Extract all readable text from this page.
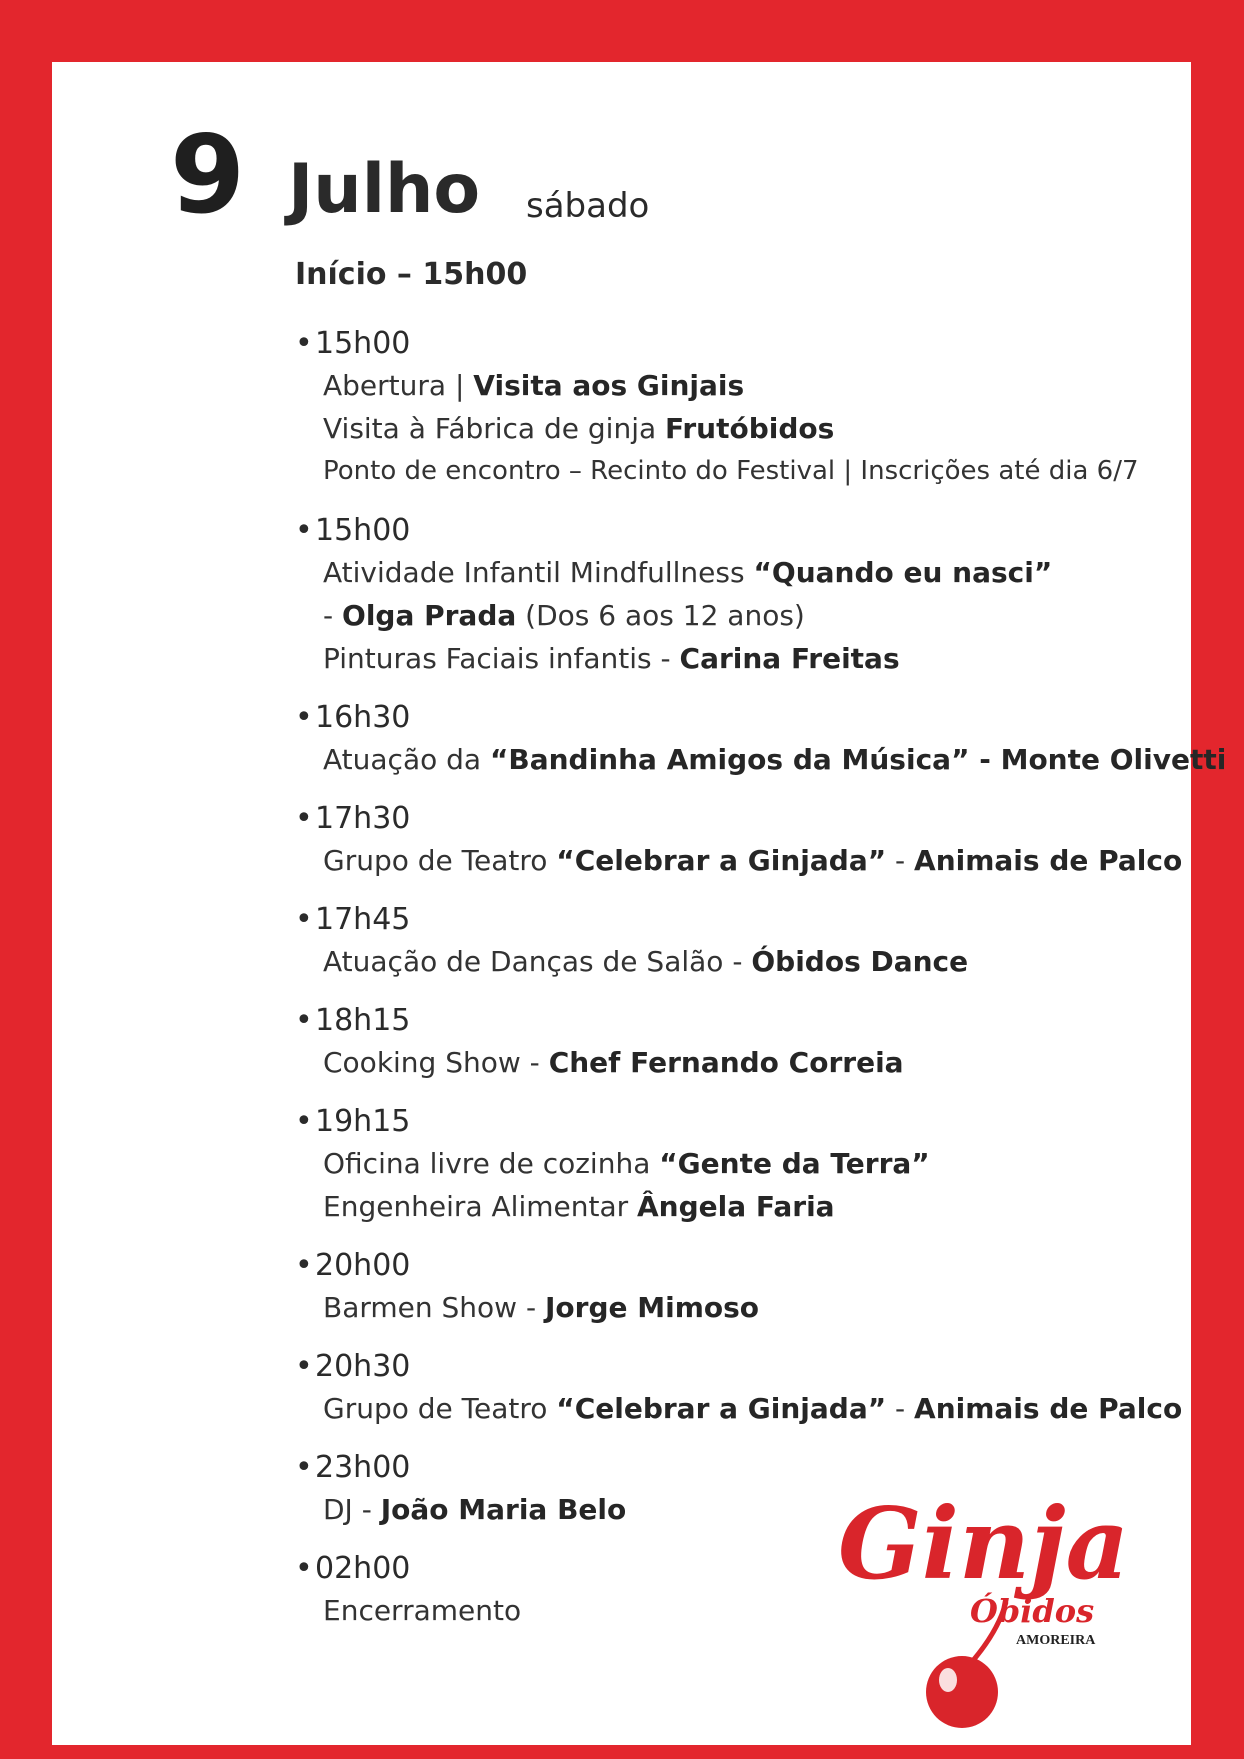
9 Julho sábado
Início – 15h00
•15h00
Abertura | Visita aos Ginjais
Visita à Fábrica de ginja Frutóbidos
Ponto de encontro – Recinto do Festival | Inscrições até dia 6/7
•15h00
Atividade Infantil Mindfullness “Quando eu nasci”
- Olga Prada (Dos 6 aos 12 anos)
Pinturas Faciais infantis - Carina Freitas
•16h30
Atuação da “Bandinha Amigos da Música” - Monte Olivetti
•17h30
Grupo de Teatro “Celebrar a Ginjada” - Animais de Palco
•17h45
Atuação de Danças de Salão - Óbidos Dance
•18h15
Cooking Show - Chef Fernando Correia
•19h15
Oficina livre de cozinha “Gente da Terra”
Engenheira Alimentar Ângela Faria
•20h00
Barmen Show - Jorge Mimoso
•20h30
Grupo de Teatro “Celebrar a Ginjada” - Animais de Palco
•23h00
DJ - João Maria Belo
•02h00
Encerramento
Ginja
Óbidos
AMOREIRA
